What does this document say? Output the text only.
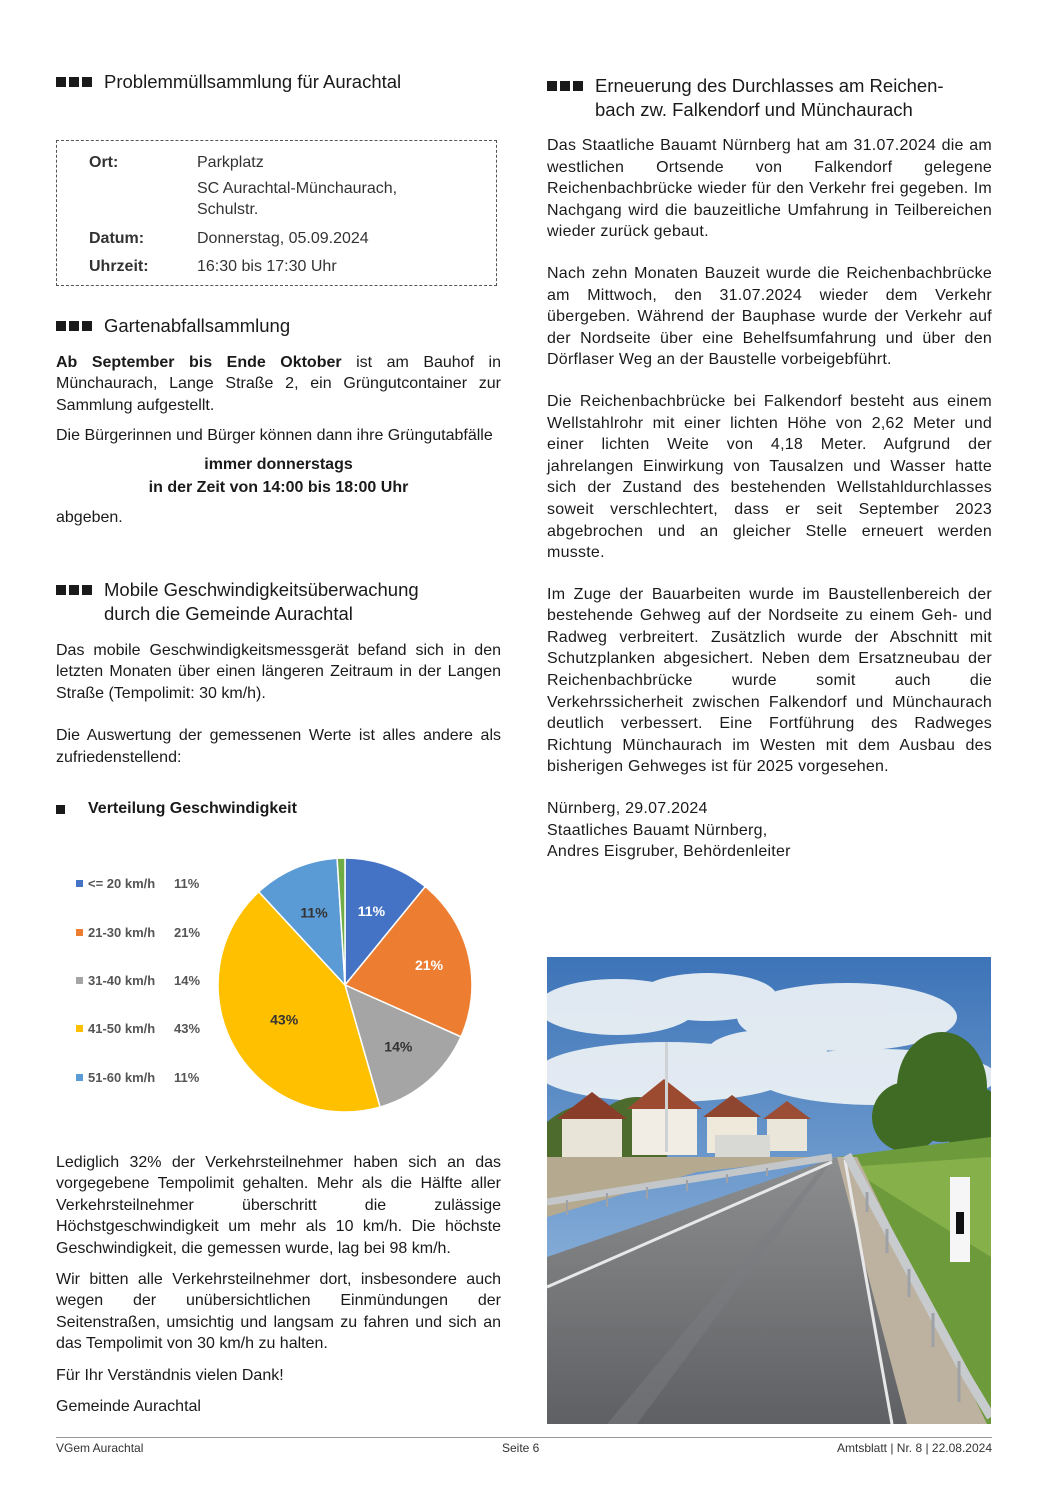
Problemmüllsammlung für Aurachtal
Ort:	Parkplatz
SC Aurachtal-Münchaurach,
Schulstr.
Datum:	Donnerstag, 05.09.2024
Uhrzeit:	16:30 bis 17:30 Uhr
Gartenabfallsammlung

Ab September bis Ende Oktober ist am Bauhof in Münchaurach, Lange Straße 2, ein Grüngutcontainer zur Sammlung aufgestellt.

Die Bürgerinnen und Bürger können dann ihre Grüngutabfälle

immer donnerstags

in der Zeit von 14:00 bis 18:00 Uhr

abgeben.

Mobile Geschwindigkeitsüberwachung
durch die Gemeinde Aurachtal

Das mobile Geschwindigkeitsmessgerät befand sich in den letzten Monaten über einen längeren Zeitraum in der Langen Straße (Tempolimit: 30 km/h).

Die Auswertung der gemessenen Werte ist alles andere als zufriedenstellend:

Verteilung Geschwindigkeit

Lediglich 32% der Verkehrsteilnehmer haben sich an das vorgegebene Tempolimit gehalten. Mehr als die Hälfte aller Verkehrsteilnehmer überschritt die zulässige Höchstgeschwindigkeit um mehr als 10 km/h. Die höchste Geschwindigkeit, die gemessen wurde, lag bei 98 km/h.

Wir bitten alle Verkehrsteilnehmer dort, insbesondere auch wegen der unübersichtlichen Einmündungen der Seitenstraßen, umsichtig und langsam zu fahren und sich an das Tempolimit von 30 km/h zu halten.

Für Ihr Verständnis vielen Dank!

Gemeinde Aurachtal

<= 20 km/h	11%
21-30 km/h	21%
31-40 km/h	14%
41-50 km/h	43%
51-60 km/h	11%
11%
21%
14%
43%
11%
Erneuerung des Durchlasses am Reichen-
bach zw. Falkendorf und Münchaurach

Das Staatliche Bauamt Nürnberg hat am 31.07.2024 die am westlichen Ortsende von Falkendorf gelegene Reichenbachbrücke wieder für den Verkehr frei gegeben. Im Nachgang wird die bauzeitliche Umfahrung in Teilbereichen wieder zurück gebaut.

Nach zehn Monaten Bauzeit wurde die Reichenbachbrücke am Mittwoch, den 31.07.2024 wieder dem Verkehr übergeben. Während der Bauphase wurde der Verkehr auf der Nordseite über eine Behelfsumfahrung und über den Dörflaser Weg an der Baustelle vorbeigebführt.

Die Reichenbachbrücke bei Falkendorf besteht aus einem Wellstahlrohr mit einer lichten Höhe von 2,62 Meter und einer lichten Weite von 4,18 Meter. Aufgrund der jahrelangen Einwirkung von Tausalzen und Wasser hatte sich der Zustand des bestehenden Wellstahldurchlasses soweit verschlechtert, dass er seit September 2023 abgebrochen und an gleicher Stelle erneuert werden musste.

Im Zuge der Bauarbeiten wurde im Baustellenbereich der bestehende Gehweg auf der Nordseite zu einem Geh- und Radweg verbreitert. Zusätzlich wurde der Abschnitt mit Schutzplanken abgesichert. Neben dem Ersatzneubau der Reichenbachbrücke wurde somit auch die Verkehrssicherheit zwischen Falkendorf und Münchaurach deutlich verbessert. Eine Fortführung des Radweges Richtung Münchaurach im Westen mit dem Ausbau des bisherigen Gehweges ist für 2025 vorgesehen.

Nürnberg, 29.07.2024
Staatliches Bauamt Nürnberg,
Andres Eisgruber, Behördenleiter
VGem Aurachtal	Seite 6	Amtsblatt | Nr. 8 | 22.08.2024
